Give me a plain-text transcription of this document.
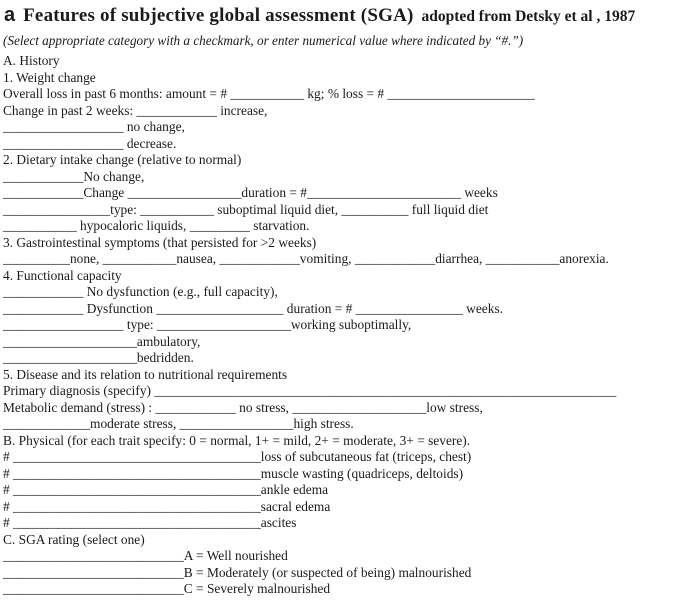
a Features of subjective global assessment (SGA) adopted from Detsky et al , 1987
(Select appropriate category with a checkmark, or enter numerical value where indicated by “#.”)
A. History
1. Weight change
Overall loss in past 6 months: amount = # ___________ kg; % loss = # ______________________
Change in past 2 weeks: ____________ increase,
__________________ no change,
__________________ decrease.
2. Dietary intake change (relative to normal)
____________No change,
____________Change _________________duration = #_______________________ weeks
________________type: ___________ suboptimal liquid diet, __________ full liquid diet
___________ hypocaloric liquids, _________ starvation.
3. Gastrointestinal symptoms (that persisted for >2 weeks)
__________none, ___________nausea, ____________vomiting, ____________diarrhea, ___________anorexia.
4. Functional capacity
____________ No dysfunction (e.g., full capacity),
____________ Dysfunction ___________________ duration = # ________________ weeks.
__________________ type: ____________________working suboptimally,
____________________ambulatory,
____________________bedridden.
5. Disease and its relation to nutritional requirements
Primary diagnosis (specify) _____________________________________________________________________
Metabolic demand (stress) : ____________ no stress, ____________________low stress,
_____________moderate stress, _________________high stress.
B. Physical (for each trait specify: 0 = normal, 1+ = mild, 2+ = moderate, 3+ = severe).
# _____________________________________loss of subcutaneous fat (triceps, chest)
# _____________________________________muscle wasting (quadriceps, deltoids)
# _____________________________________ankle edema
# _____________________________________sacral edema
# _____________________________________ascites
C. SGA rating (select one)
___________________________A = Well nourished
___________________________B = Moderately (or suspected of being) malnourished
___________________________C = Severely malnourished
